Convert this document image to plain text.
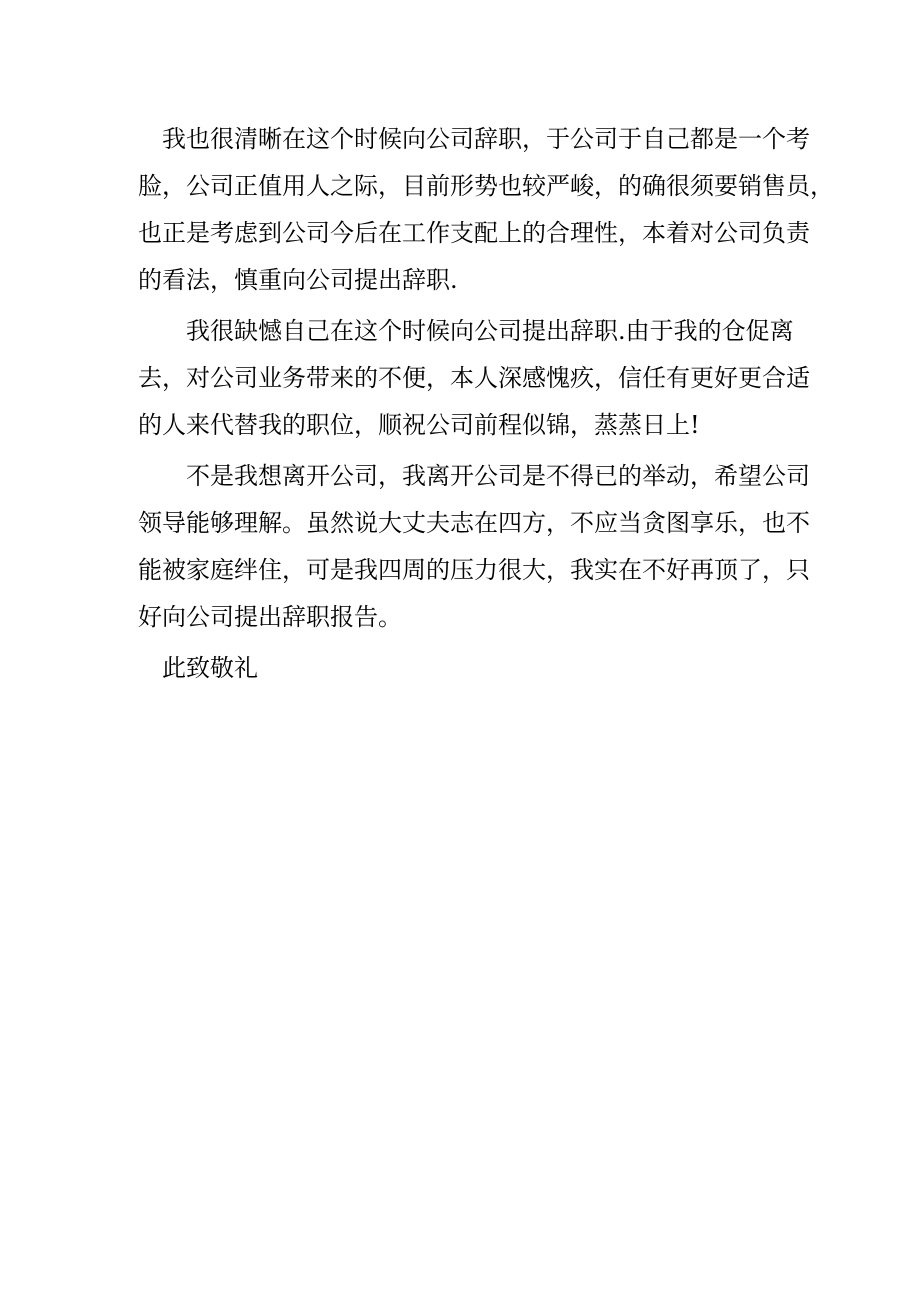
我也很清晰在这个时候向公司辞职，于公司于自己都是一个考
脸，公司正值用人之际，目前形势也较严峻，的确很须要销售员，
也正是考虑到公司今后在工作支配上的合理性，本着对公司负责
的看法，慎重向公司提出辞职.
我很缺憾自己在这个时候向公司提出辞职.由于我的仓促离
去，对公司业务带来的不便，本人深感愧疚，信任有更好更合适
的人来代替我的职位，顺祝公司前程似锦，蒸蒸日上!
不是我想离开公司，我离开公司是不得已的举动，希望公司
领导能够理解。虽然说大丈夫志在四方，不应当贪图享乐，也不
能被家庭绊住，可是我四周的压力很大，我实在不好再顶了，只
好向公司提出辞职报告。
此致敬礼
